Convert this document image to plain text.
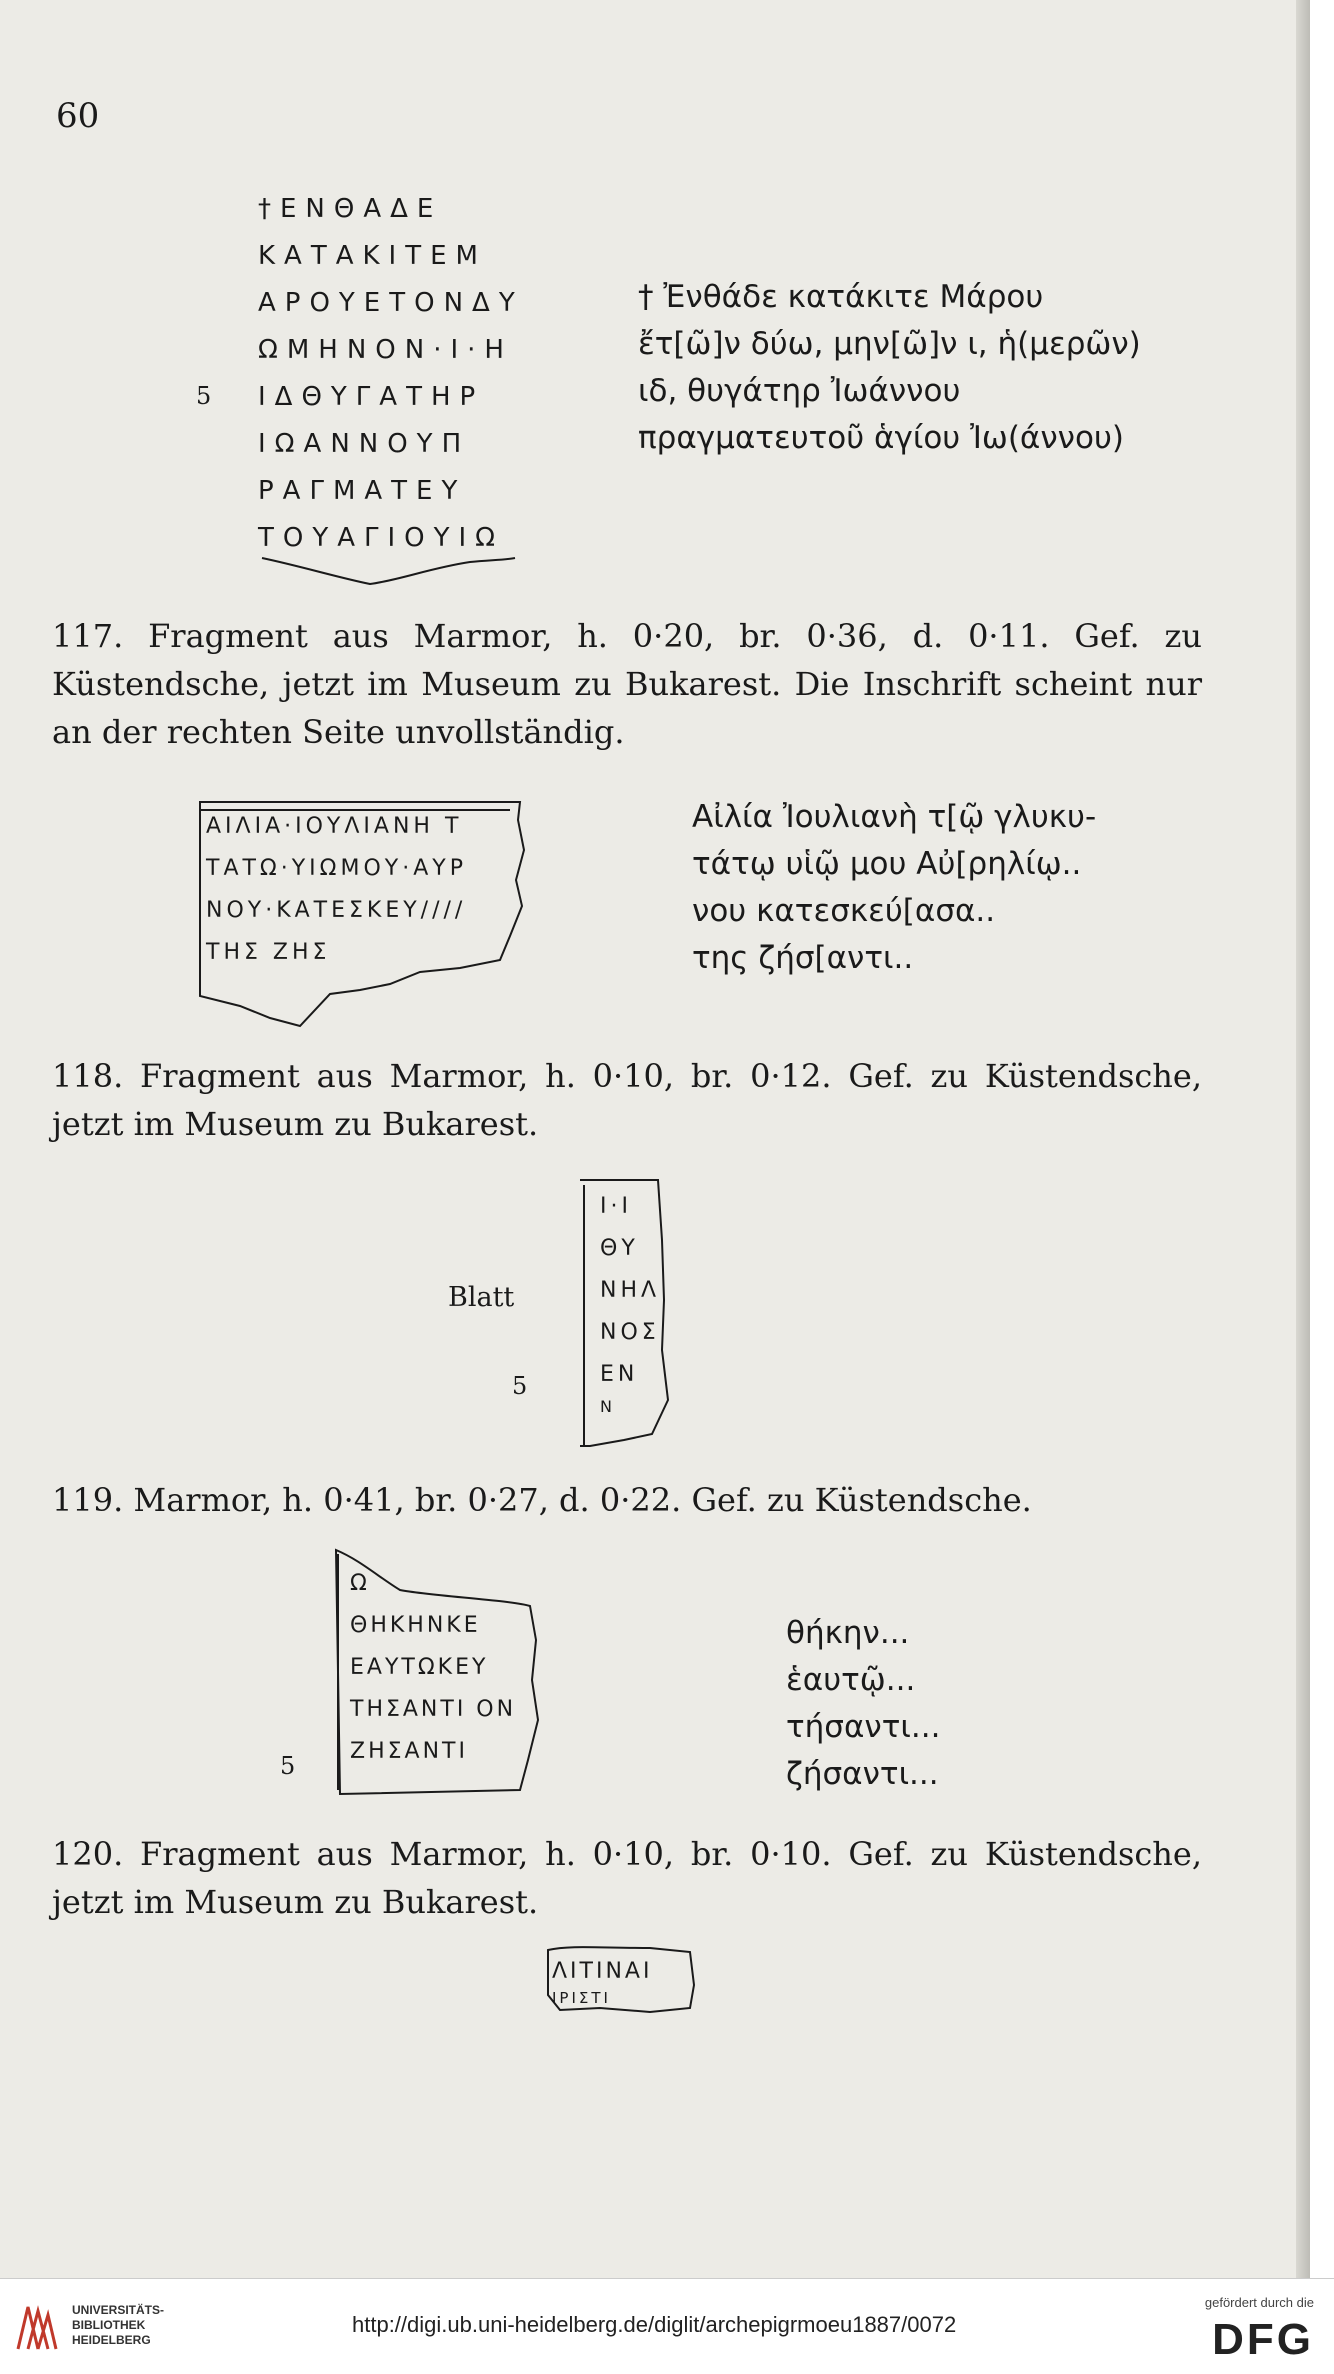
60
†ΕΝΘΑΔΕ
ΚΑΤΑΚΙΤΕΜ
ΑΡΟΥΕΤΟΝΔΥ
ΩΜΗΝΟΝ·Ι·Η
ΙΔΘΥΓΑΤΗΡ
ΙΩΑΝΝΟΥΠ
ΡΑΓΜΑΤΕΥ
ΤΟΥΑΓΙΟΥΙΩ
5
† Ἐνθάδε κατάκιτε Μάρου
ἔτ[ῶ]ν δύω, μην[ῶ]ν ι, ἡ(μερῶν)
ιδ, θυγάτηρ Ἰωάννου
πραγματευτοῦ ἁγίου Ἰω(άννου)

117. Fragment aus Marmor, h. 0·20, br. 0·36, d. 0·11. Gef. zu Küstendsche, jetzt im Museum zu Bukarest. Die Inschrift scheint nur an der rechten Seite unvollständig.

ΑΙΛΙΑ·ΙΟΥΛΙΑΝΗ Τ
ΤΑΤΩ·ΥΙΩΜΟΥ·ΑΥΡ
ΝΟΥ·ΚΑΤΕΣΚΕΥ////
ΤΗΣ ΖΗΣ
Αἰλία Ἰουλιανὴ τ[ῷ γλυκυ-
τάτῳ υἱῷ μου Αὐ[ρηλίῳ..
νου κατεσκεύ[ασα..
της ζήσ[αντι..

118. Fragment aus Marmor, h. 0·10, br. 0·12. Gef. zu Küstendsche, jetzt im Museum zu Bukarest.

Ι·Ι
ΘΥ
ΝΗΛ
ΝΟΣ
ΕΝ
Ν
Blatt
5

119. Marmor, h. 0·41, br. 0·27, d. 0·22. Gef. zu Küstendsche.

Ω
ΘΗΚΗΝΚΕ
ΕΑΥΤΩΚΕΥ
ΤΗΣΑΝΤΙ ΟΝ
ΖΗΣΑΝΤΙ
5
θήκην...
ἑαυτῷ...
τήσαντι...
ζήσαντι...

120. Fragment aus Marmor, h. 0·10, br. 0·10. Gef. zu Küstendsche, jetzt im Museum zu Bukarest.

ΛΙΤΙΝΑΙ
ΙΡΙΣΤΙ
UNIVERSITÄTS-
BIBLIOTHEK
HEIDELBERG
http://digi.ub.uni-heidelberg.de/diglit/archepigrmoeu1887/0072
gefördert durch die
DFG
